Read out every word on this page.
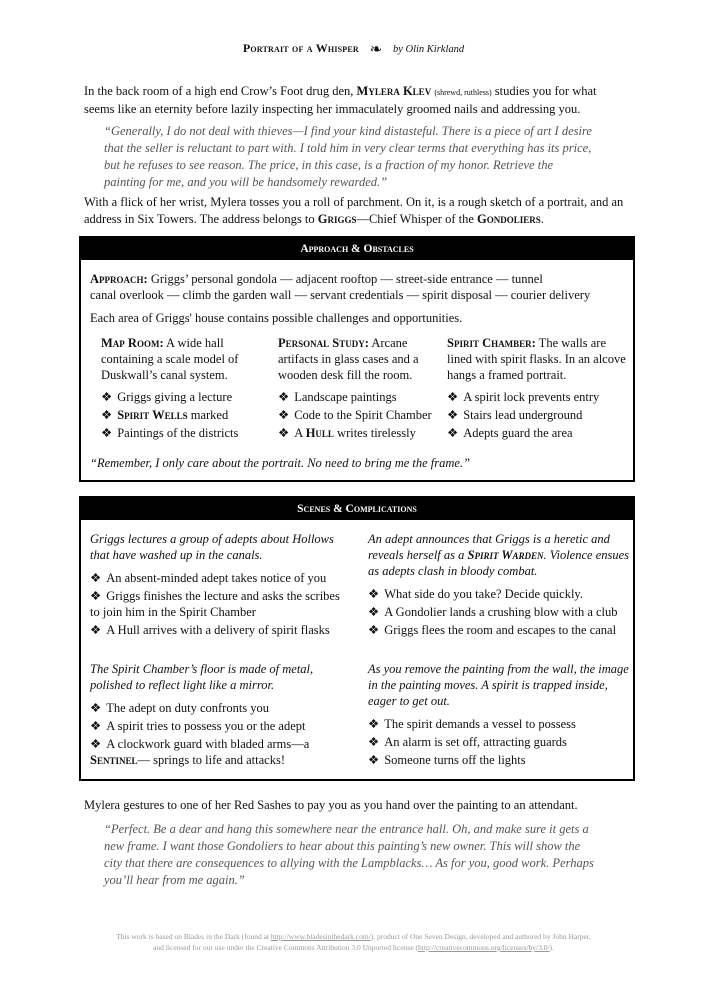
Portrait of a Whisper ❧ by Olin Kirkland
In the back room of a high end Crow’s Foot drug den, Mylera Klev (shrewd, ruthless) studies you for what seems like an eternity before lazily inspecting her immaculately groomed nails and addressing you.
“Generally, I do not deal with thieves—I find your kind distasteful. There is a piece of art I desire that the seller is reluctant to part with. I told him in very clear terms that everything has its price, but he refuses to see reason. The price, in this case, is a fraction of my honor. Retrieve the painting for me, and you will be handsomely rewarded.”
With a flick of her wrist, Mylera tosses you a roll of parchment. On it, is a rough sketch of a portrait, and an address in Six Towers. The address belongs to Griggs—Chief Whisper of the Gondoliers.
Approach & Obstacles
Approach: Griggs’ personal gondola — adjacent rooftop — street-side entrance — tunnel
canal overlook — climb the garden wall — servant credentials — spirit disposal — courier delivery
Each area of Griggs' house contains possible challenges and opportunities.
Map Room: A wide hall containing a scale model of Duskwall’s canal system.
❖ Griggs giving a lecture
❖ Spirit Wells marked
❖ Paintings of the districts
Personal Study: Arcane artifacts in glass cases and a wooden desk fill the room.
❖ Landscape paintings
❖ Code to the Spirit Chamber
❖ A Hull writes tirelessly
Spirit Chamber: The walls are lined with spirit flasks. In an alcove hangs a framed portrait.
❖ A spirit lock prevents entry
❖ Stairs lead underground
❖ Adepts guard the area
“Remember, I only care about the portrait. No need to bring me the frame.”
Scenes & Complications
Griggs lectures a group of adepts about Hollows that have washed up in the canals.
❖ An absent-minded adept takes notice of you
❖ Griggs finishes the lecture and asks the scribes to join him in the Spirit Chamber
❖ A Hull arrives with a delivery of spirit flasks
An adept announces that Griggs is a heretic and reveals herself as a Spirit Warden. Violence ensues as adepts clash in bloody combat.
❖ What side do you take? Decide quickly.
❖ A Gondolier lands a crushing blow with a club
❖ Griggs flees the room and escapes to the canal
The Spirit Chamber’s floor is made of metal, polished to reflect light like a mirror.
❖ The adept on duty confronts you
❖ A spirit tries to possess you or the adept
❖ A clockwork guard with bladed arms—a Sentinel— springs to life and attacks!
As you remove the painting from the wall, the image in the painting moves. A spirit is trapped inside, eager to get out.
❖ The spirit demands a vessel to possess
❖ An alarm is set off, attracting guards
❖ Someone turns off the lights
Mylera gestures to one of her Red Sashes to pay you as you hand over the painting to an attendant.
“Perfect. Be a dear and hang this somewhere near the entrance hall. Oh, and make sure it gets a new frame. I want those Gondoliers to hear about this painting’s new owner. This will show the city that there are consequences to allying with the Lampblacks… As for you, good work. Perhaps you’ll hear from me again.”
This work is based on Blades in the Dark (found at http://www.bladesinthedark.com/), product of One Seven Design, developed and authored by John Harper,
and licensed for our use under the Creative Commons Attribution 3.0 Unported license (http://creativecommons.org/licenses/by/3.0/).
